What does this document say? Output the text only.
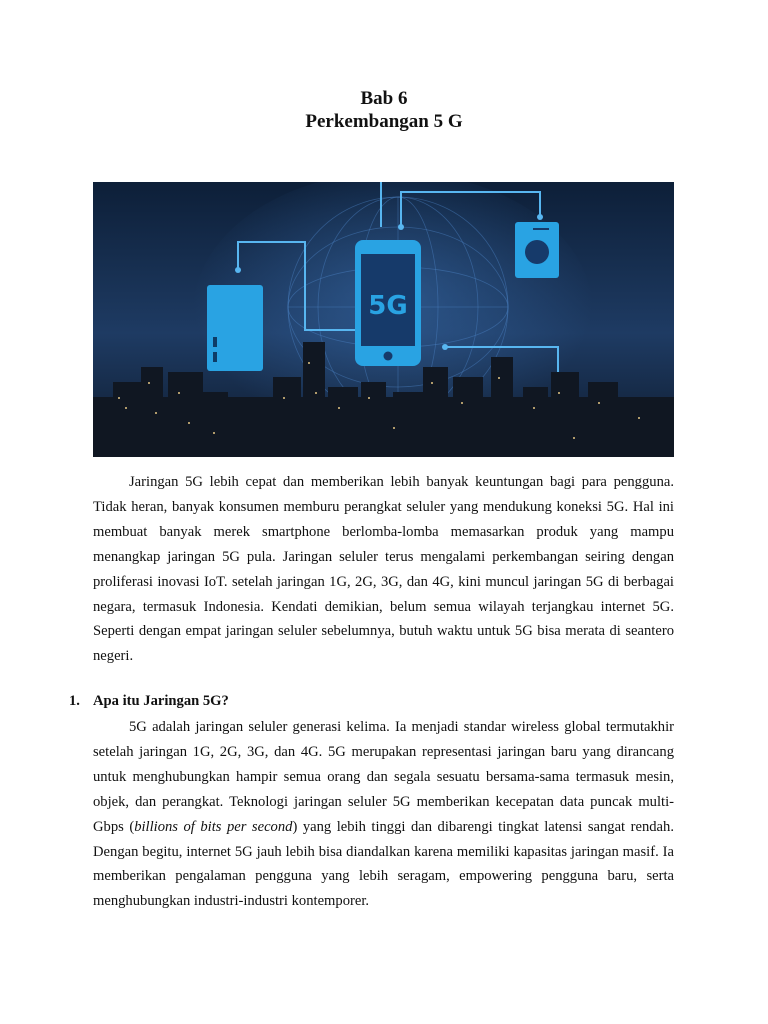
Bab 6
Perkembangan 5 G
5G

Jaringan 5G lebih cepat dan memberikan lebih banyak keuntungan bagi para pengguna. Tidak heran, banyak konsumen memburu perangkat seluler yang mendukung koneksi 5G. Hal ini membuat banyak merek smartphone berlomba-lomba memasarkan produk yang mampu menangkap jaringan 5G pula. Jaringan seluler terus mengalami perkembangan seiring dengan proliferasi inovasi IoT. setelah jaringan 1G, 2G, 3G, dan 4G, kini muncul jaringan 5G di berbagai negara, termasuk Indonesia. Kendati demikian, belum semua wilayah terjangkau internet 5G. Seperti dengan empat jaringan seluler sebelumnya, butuh waktu untuk 5G bisa merata di seantero negeri.

1. Apa itu Jaringan 5G?

5G adalah jaringan seluler generasi kelima. Ia menjadi standar wireless global termutakhir setelah jaringan 1G, 2G, 3G, dan 4G. 5G merupakan representasi jaringan baru yang dirancang untuk menghubungkan hampir semua orang dan segala sesuatu bersama-sama termasuk mesin, objek, dan perangkat. Teknologi jaringan seluler 5G memberikan kecepatan data puncak multi-Gbps (billions of bits per second) yang lebih tinggi dan dibarengi tingkat latensi sangat rendah. Dengan begitu, internet 5G jauh lebih bisa diandalkan karena memiliki kapasitas jaringan masif. Ia memberikan pengalaman pengguna yang lebih seragam, empowering pengguna baru, serta menghubungkan industri-industri kontemporer.
